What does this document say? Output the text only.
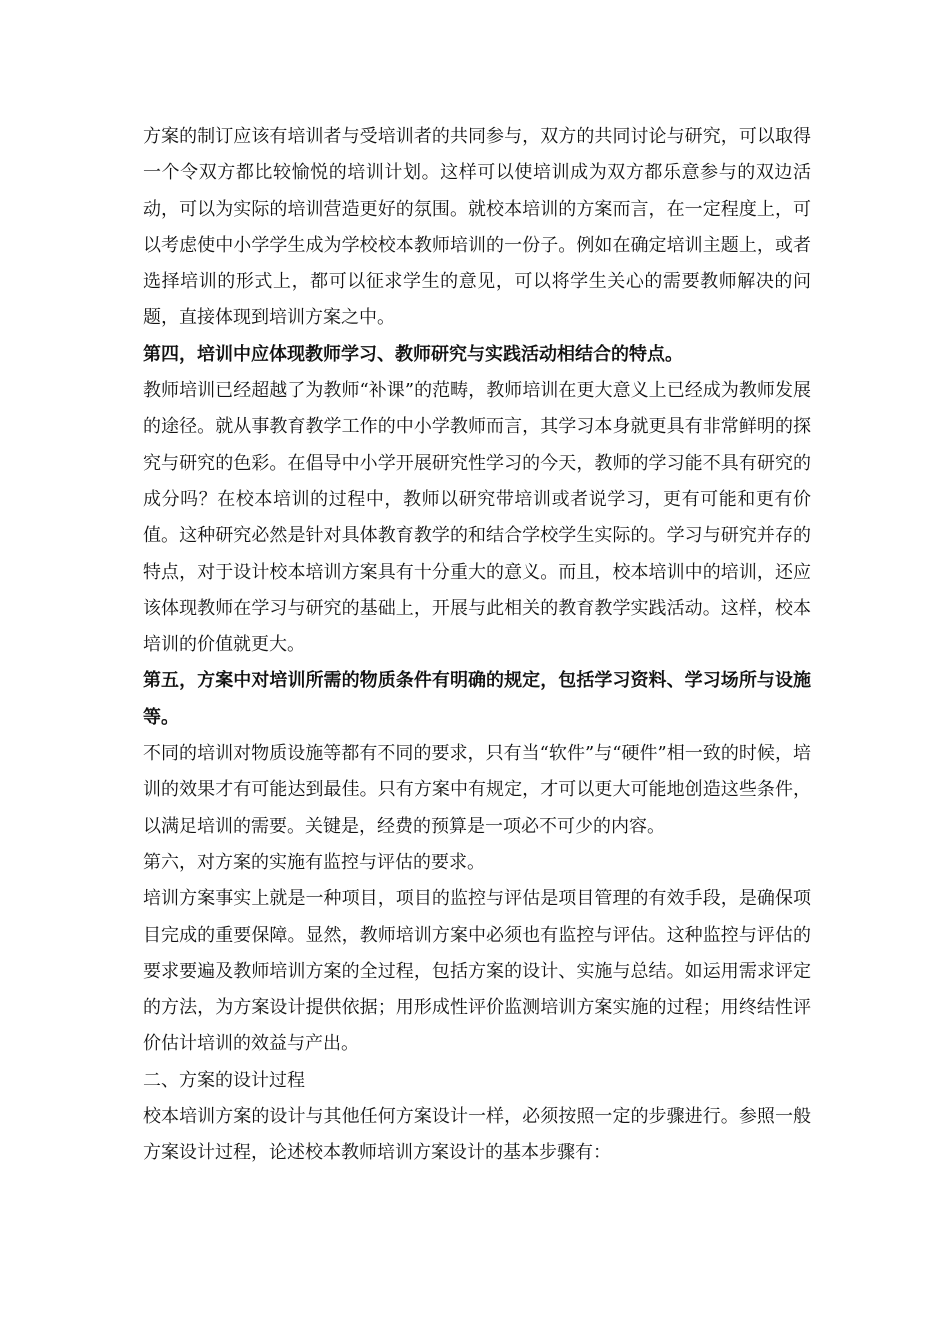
方案的制订应该有培训者与受培训者的共同参与，双方的共同讨论与研究，可以取得一个令双方都比较愉悦的培训计划。这样可以使培训成为双方都乐意参与的双边活动，可以为实际的培训营造更好的氛围。就校本培训的方案而言，在一定程度上，可以考虑使中小学学生成为学校校本教师培训的一份子。例如在确定培训主题上，或者选择培训的形式上，都可以征求学生的意见，可以将学生关心的需要教师解决的问题，直接体现到培训方案之中。

第四，培训中应体现教师学习、教师研究与实践活动相结合的特点。

教师培训已经超越了为教师“补课”的范畴，教师培训在更大意义上已经成为教师发展的途径。就从事教育教学工作的中小学教师而言，其学习本身就更具有非常鲜明的探究与研究的色彩。在倡导中小学开展研究性学习的今天，教师的学习能不具有研究的成分吗？在校本培训的过程中，教师以研究带培训或者说学习，更有可能和更有价值。这种研究必然是针对具体教育教学的和结合学校学生实际的。学习与研究并存的特点，对于设计校本培训方案具有十分重大的意义。而且，校本培训中的培训，还应该体现教师在学习与研究的基础上，开展与此相关的教育教学实践活动。这样，校本培训的价值就更大。

第五，方案中对培训所需的物质条件有明确的规定，包括学习资料、学习场所与设施等。

不同的培训对物质设施等都有不同的要求，只有当“软件”与“硬件”相一致的时候，培训的效果才有可能达到最佳。只有方案中有规定，才可以更大可能地创造这些条件，以满足培训的需要。关键是，经费的预算是一项必不可少的内容。

第六，对方案的实施有监控与评估的要求。

培训方案事实上就是一种项目，项目的监控与评估是项目管理的有效手段，是确保项目完成的重要保障。显然，教师培训方案中必须也有监控与评估。这种监控与评估的要求要遍及教师培训方案的全过程，包括方案的设计、实施与总结。如运用需求评定的方法，为方案设计提供依据；用形成性评价监测培训方案实施的过程；用终结性评价估计培训的效益与产出。

二、方案的设计过程

校本培训方案的设计与其他任何方案设计一样，必须按照一定的步骤进行。参照一般方案设计过程，论述校本教师培训方案设计的基本步骤有：
